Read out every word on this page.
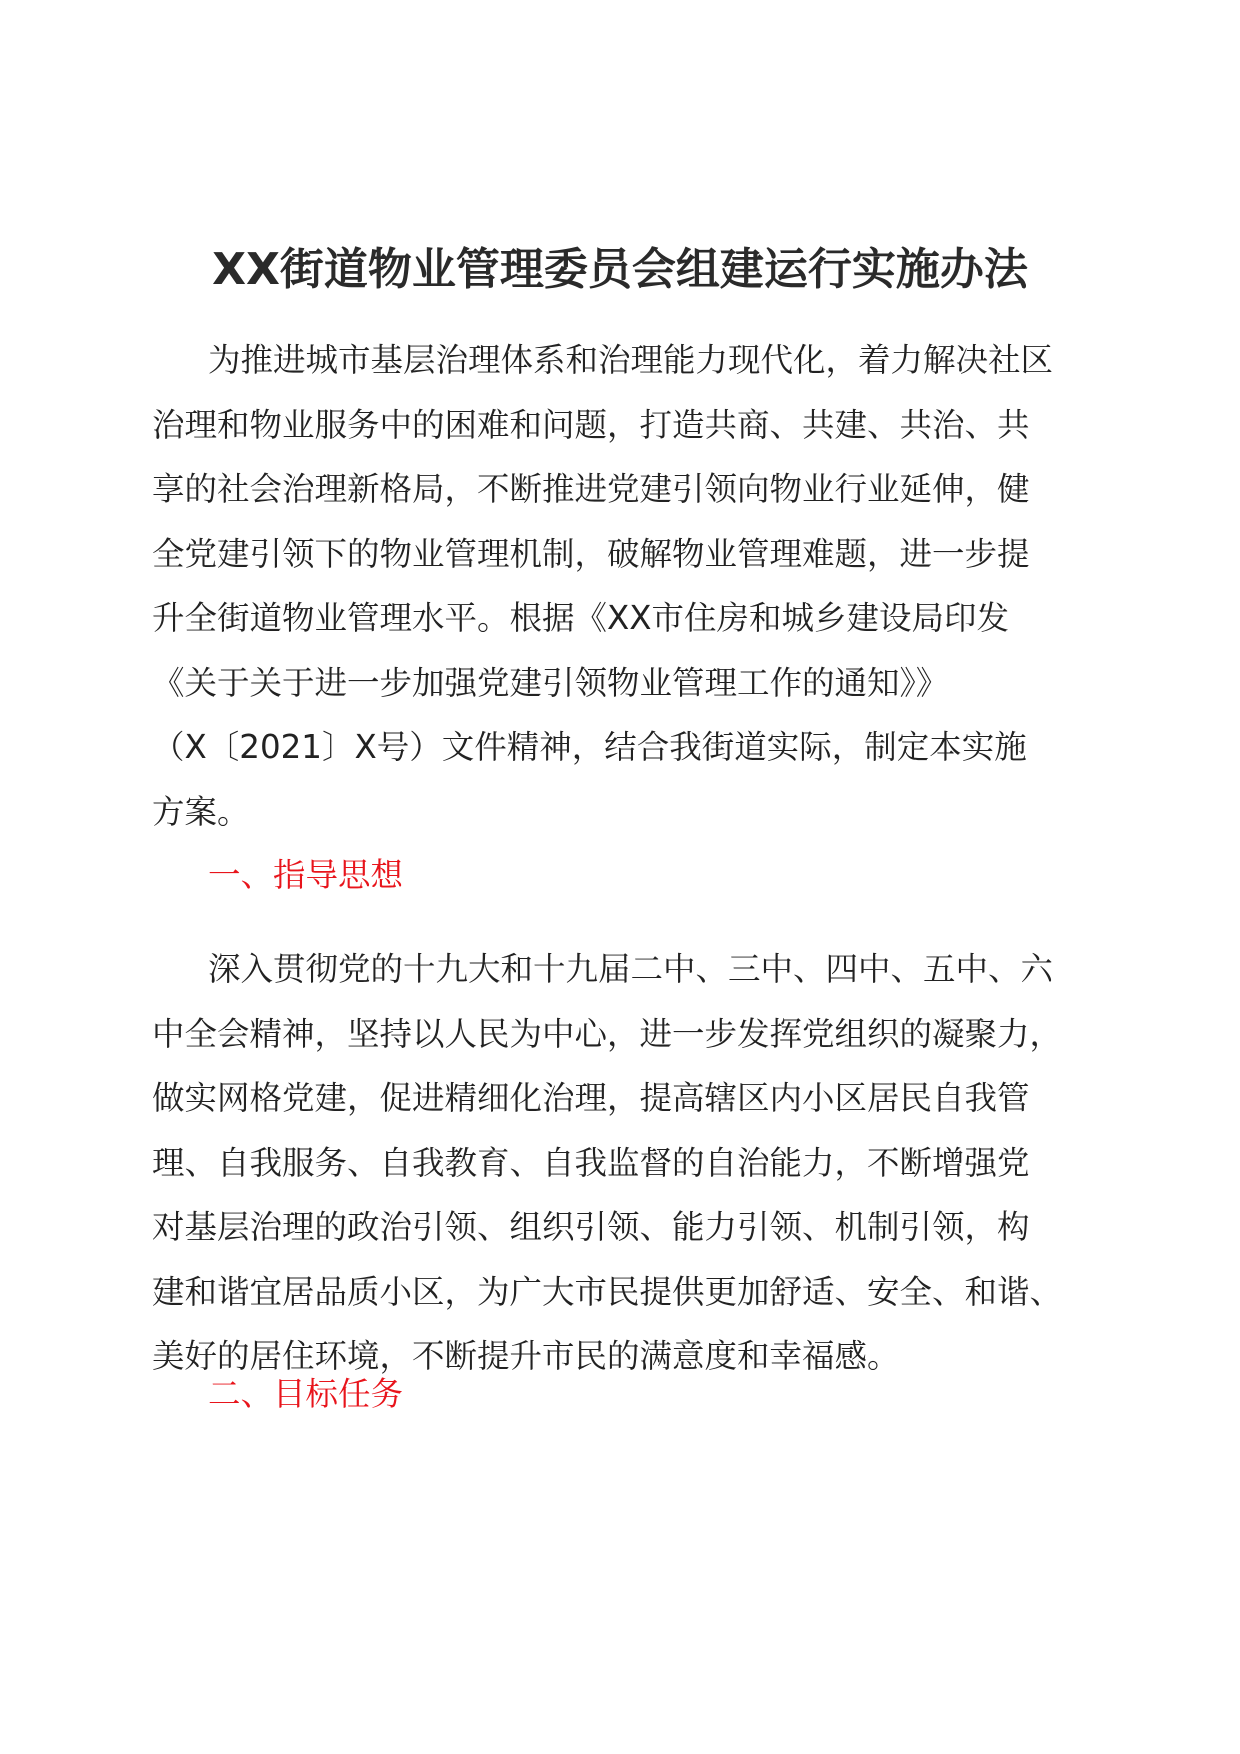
XX街道物业管理委员会组建运行实施办法
为推进城市基层治理体系和治理能力现代化，着力解决社区
治理和物业服务中的困难和问题，打造共商、共建、共治、共
享的社会治理新格局，不断推进党建引领向物业行业延伸，健
全党建引领下的物业管理机制，破解物业管理难题，进一步提
升全街道物业管理水平。根据《XX市住房和城乡建设局印发
《关于关于进一步加强党建引领物业管理工作的通知》》
（X〔2021〕X号）文件精神，结合我街道实际，制定本实施
方案。
一、指导思想
深入贯彻党的十九大和十九届二中、三中、四中、五中、六
中全会精神，坚持以人民为中心，进一步发挥党组织的凝聚力，
做实网格党建，促进精细化治理，提高辖区内小区居民自我管
理、自我服务、自我教育、自我监督的自治能力，不断增强党
对基层治理的政治引领、组织引领、能力引领、机制引领，构
建和谐宜居品质小区，为广大市民提供更加舒适、安全、和谐、
美好的居住环境，不断提升市民的满意度和幸福感。
二、目标任务
